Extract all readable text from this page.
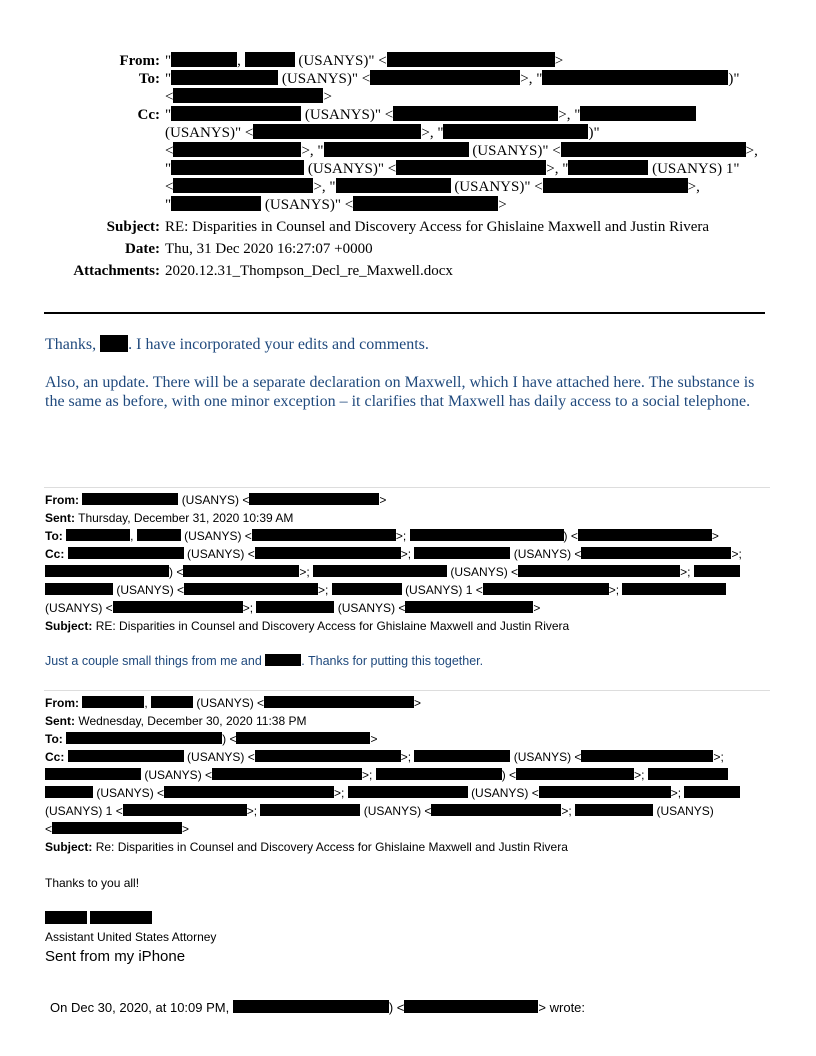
From: "	,	(USANYS)" <	>
To: "	(USANYS)" <	>, "	)"
<	>
Cc: "	(USANYS)" <	>, "
(USANYS)" <	>, "	)"
<	>, "	(USANYS)" <	>,
"	(USANYS)" <	>, "	(USANYS) 1"
<	>, "	(USANYS)" <	>,
"	(USANYS)" <	>
Subject: RE: Disparities in Counsel and Discovery Access for Ghislaine Maxwell and Justin Rivera
Date: Thu, 31 Dec 2020 16:27:07 +0000
Attachments: 2020.12.31_Thompson_Decl_re_Maxwell.docx
Thanks, . I have incorporated your edits and comments.
Also, an update. There will be a separate declaration on Maxwell, which I have attached here. The substance is the same as before, with one minor exception – it clarifies that Maxwell has daily access to a social telephone.
From:	(USANYS) <	>
Sent: Thursday, December 31, 2020 10:39 AM
To:	,	(USANYS) <	>;	) <	>
Cc:	(USANYS) <	>;	(USANYS) <	>;
) <	>;	(USANYS) <	>;
(USANYS) <	>;	(USANYS) 1 <	>;
(USANYS) <	>;	(USANYS) <	>
Subject: RE: Disparities in Counsel and Discovery Access for Ghislaine Maxwell and Justin Rivera
Just a couple small things from me and	. Thanks for putting this together.
From:	,	(USANYS) <	>
Sent: Wednesday, December 30, 2020 11:38 PM
To:	) <	>
Cc:	(USANYS) <	>;	(USANYS) <	>;
(USANYS) <	>;	) <	>;
(USANYS) <	>;	(USANYS) <	>;
(USANYS) 1 <	>;	(USANYS) <	>;	(USANYS)
<	>
Subject: Re: Disparities in Counsel and Discovery Access for Ghislaine Maxwell and Justin Rivera
Thanks to you all!

Assistant United States Attorney
Sent from my iPhone
On Dec 30, 2020, at 10:09 PM,	) <	> wrote:
